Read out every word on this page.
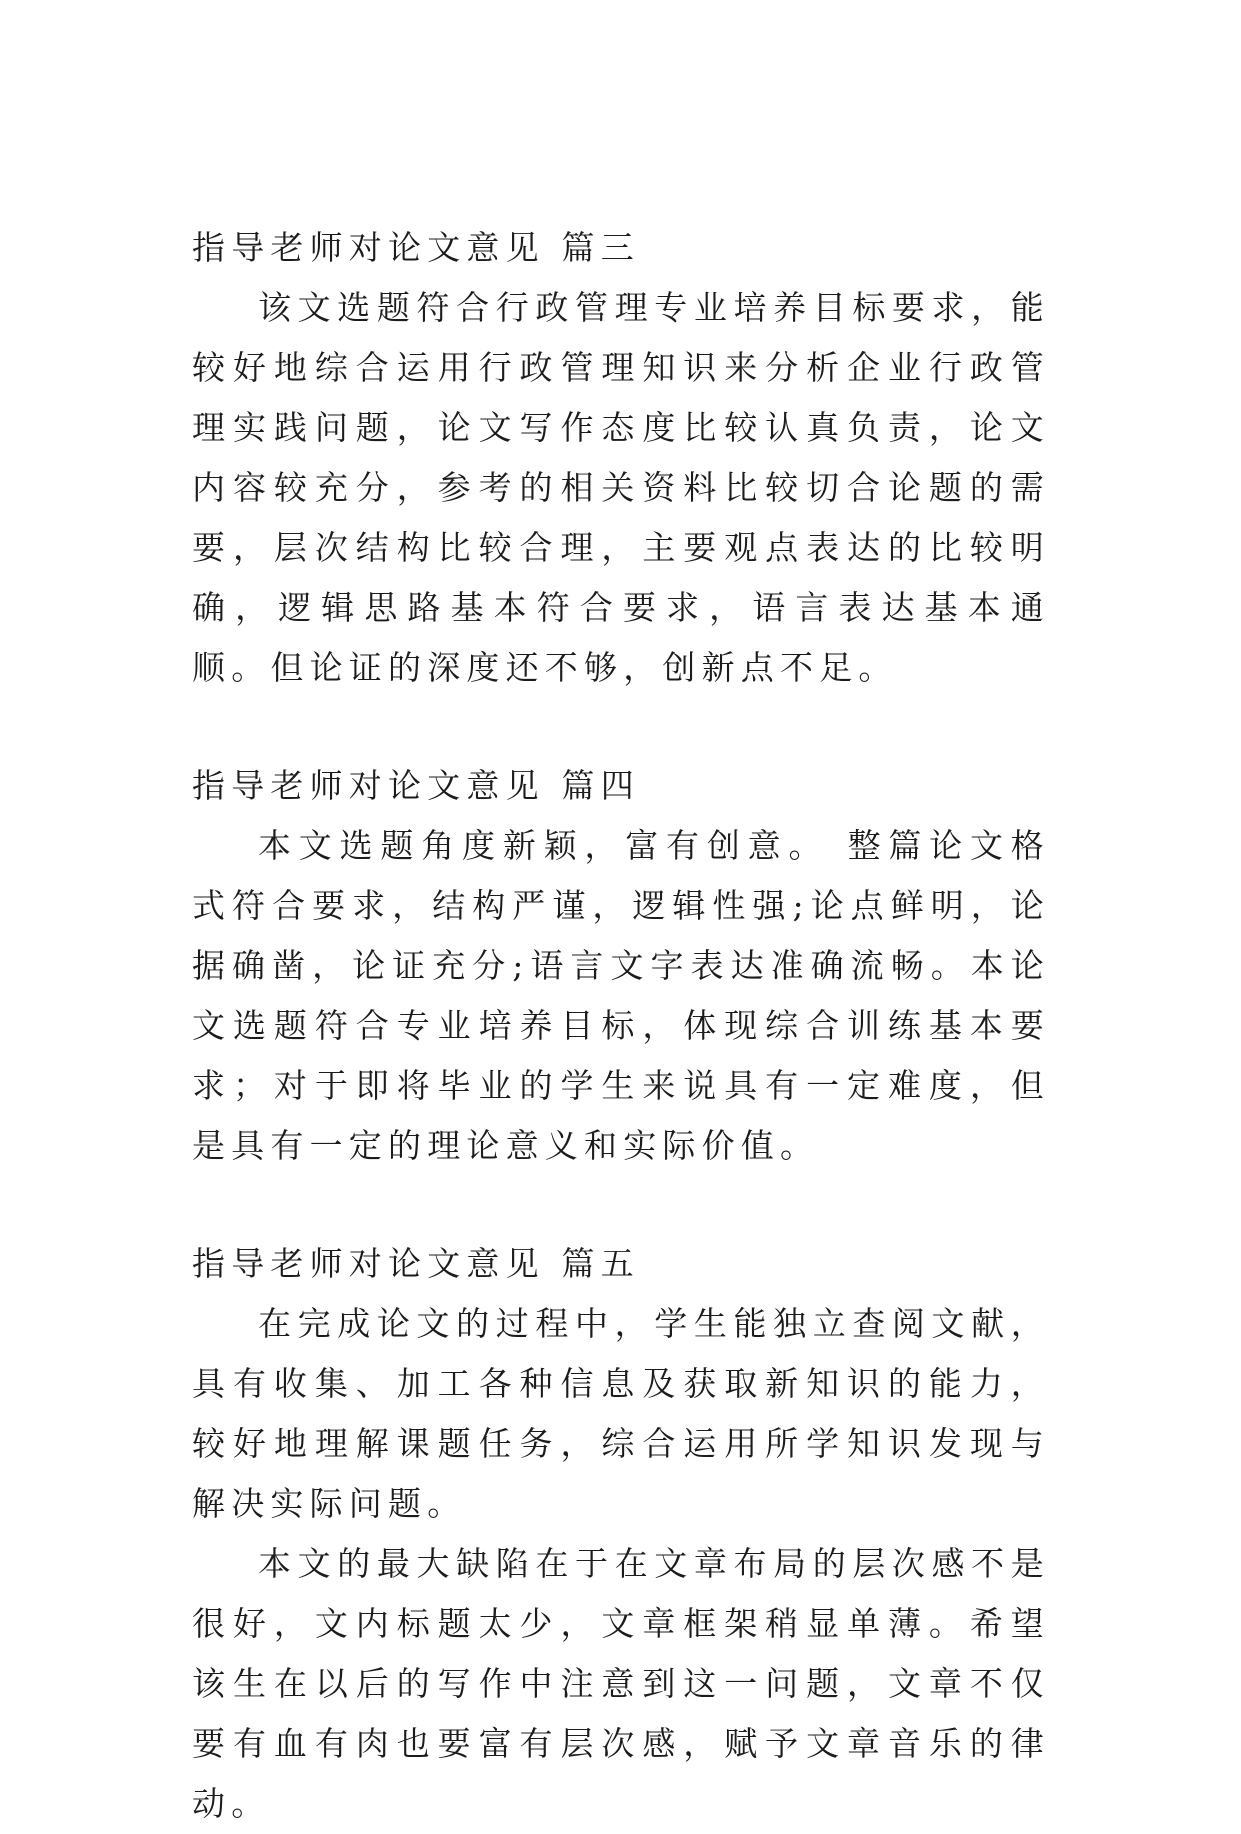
指导老师对论文意见 篇三

该文选题符合行政管理专业培养目标要求，能较好地综合运用行政管理知识来分析企业行政管理实践问题，论文写作态度比较认真负责，论文内容较充分，参考的相关资料比较切合论题的需要，层次结构比较合理，主要观点表达的比较明确，逻辑思路基本符合要求，语言表达基本通顺。但论证的深度还不够，创新点不足。

指导老师对论文意见 篇四

本文选题角度新颖，富有创意。 整篇论文格式符合要求，结构严谨，逻辑性强;论点鲜明，论据确凿，论证充分;语言文字表达准确流畅。本论文选题符合专业培养目标，体现综合训练基本要求；对于即将毕业的学生来说具有一定难度，但是具有一定的理论意义和实际价值。

指导老师对论文意见 篇五

在完成论文的过程中，学生能独立查阅文献，具有收集、加工各种信息及获取新知识的能力，较好地理解课题任务，综合运用所学知识发现与解决实际问题。

本文的最大缺陷在于在文章布局的层次感不是很好，文内标题太少，文章框架稍显单薄。希望该生在以后的写作中注意到这一问题，文章不仅要有血有肉也要富有层次感，赋予文章音乐的律动。
